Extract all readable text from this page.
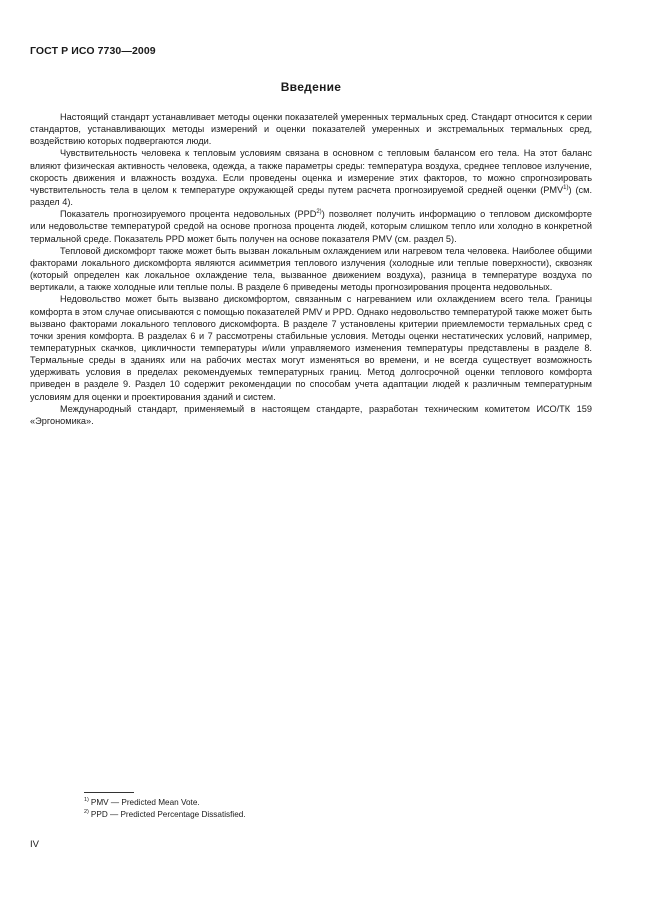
ГОСТ Р ИСО 7730—2009
Введение

Настоящий стандарт устанавливает методы оценки показателей умеренных термальных сред. Стандарт относится к серии стандартов, устанавливающих методы измерений и оценки показателей умеренных и экстремальных термальных сред, воздействию которых подвергаются люди.

Чувствительность человека к тепловым условиям связана в основном с тепловым балансом его тела. На этот баланс влияют физическая активность человека, одежда, а также параметры среды: температура воздуха, среднее тепловое излучение, скорость движения и влажность воздуха. Если проведены оценка и измерение этих факторов, то можно спрогнозировать чувствительность тела в целом к температуре окружающей среды путем расчета прогнозируемой средней оценки (PMV$^{1)}$) (см. раздел 4).

Показатель прогнозируемого процента недовольных (PPD$^{2)}$) позволяет получить информацию о тепловом дискомфорте или недовольстве температурой средой на основе прогноза процента людей, которым слишком тепло или холодно в конкретной термальной среде. Показатель PPD может быть получен на основе показателя PMV (см. раздел 5).

Тепловой дискомфорт также может быть вызван локальным охлаждением или нагревом тела человека. Наиболее общими факторами локального дискомфорта являются асимметрия теплового излучения (холодные или теплые поверхности), сквозняк (который определен как локальное охлаждение тела, вызванное движением воздуха), разница в температуре воздуха по вертикали, а также холодные или теплые полы. В разделе 6 приведены методы прогнозирования процента недовольных.

Недовольство может быть вызвано дискомфортом, связанным с нагреванием или охлаждением всего тела. Границы комфорта в этом случае описываются с помощью показателей PMV и PPD. Однако недовольство температурой также может быть вызвано факторами локального теплового дискомфорта. В разделе 7 установлены критерии приемлемости термальных сред с точки зрения комфорта. В разделах 6 и 7 рассмотрены стабильные условия. Методы оценки нестатических условий, например, температурных скачков, цикличности температуры и/или управляемого изменения температуры представлены в разделе 8. Термальные среды в зданиях или на рабочих местах могут изменяться во времени, и не всегда существует возможность удерживать условия в пределах рекомендуемых температурных границ. Метод долгосрочной оценки теплового комфорта приведен в разделе 9. Раздел 10 содержит рекомендации по способам учета адаптации людей к различным температурным условиям для оценки и проектирования зданий и систем.

Международный стандарт, применяемый в настоящем стандарте, разработан техническим комитетом ИСО/ТК 159 «Эргономика».

$^{1)}$ PMV — Predicted Mean Vote.
$^{2)}$ PPD — Predicted Percentage Dissatisfied.
IV
